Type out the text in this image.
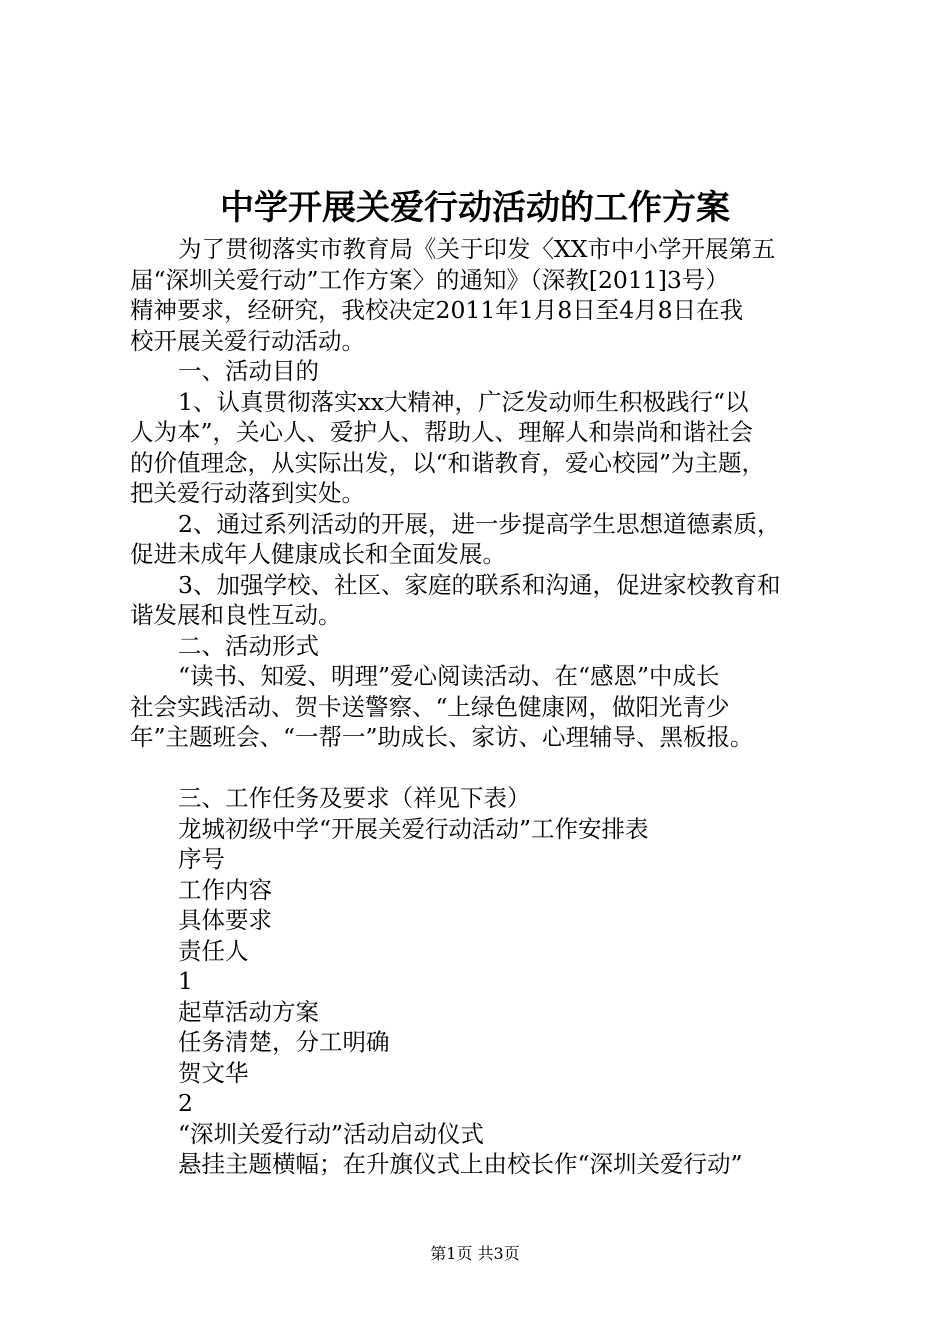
中学开展关爱行动活动的工作方案
为了贯彻落实市教育局《关于印发〈XX市中小学开展第五
届“深圳关爱行动”工作方案〉的通知》（深教[2011]3号）
精神要求，经研究，我校决定2011年1月8日至4月8日在我
校开展关爱行动活动。
一、活动目的
1、认真贯彻落实xx大精神，广泛发动师生积极践行“以
人为本”，关心人、爱护人、帮助人、理解人和崇尚和谐社会
的价值理念，从实际出发，以“和谐教育，爱心校园”为主题，
把关爱行动落到实处。
2、通过系列活动的开展，进一步提高学生思想道德素质，
促进未成年人健康成长和全面发展。
3、加强学校、社区、家庭的联系和沟通，促进家校教育和
谐发展和良性互动。
二、活动形式
“读书、知爱、明理”爱心阅读活动、在“感恩”中成长
社会实践活动、贺卡送警察、“上绿色健康网，做阳光青少
年”主题班会、“一帮一”助成长、家访、心理辅导、黑板报。
三、工作任务及要求（祥见下表）
龙城初级中学“开展关爱行动活动”工作安排表
序号
工作内容
具体要求
责任人
1
起草活动方案
任务清楚，分工明确
贺文华
2
“深圳关爱行动”活动启动仪式
悬挂主题横幅；在升旗仪式上由校长作“深圳关爱行动”
第1页 共3页
